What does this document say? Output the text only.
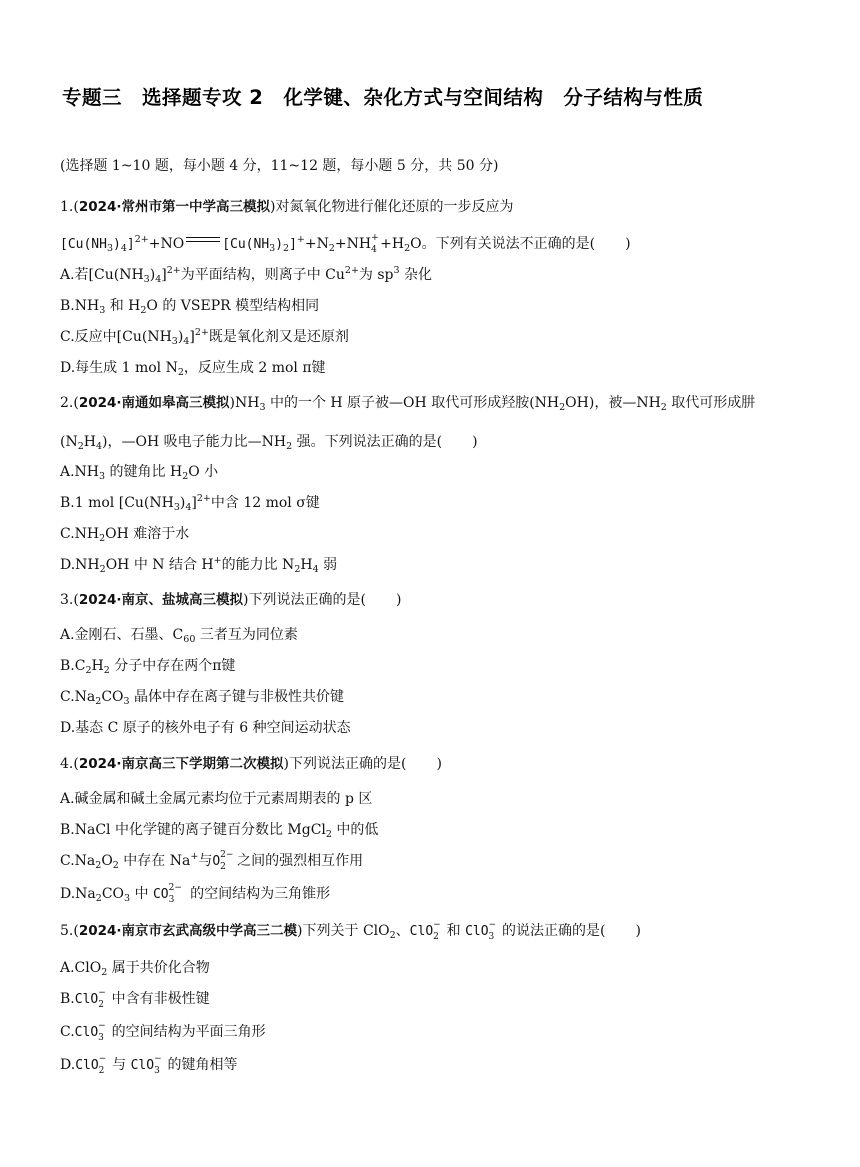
专题三　选择题专攻 2　化学键、杂化方式与空间结构　分子结构与性质
(选择题 1~10 题，每小题 4 分，11~12 题，每小题 5 分，共 50 分)
1.(2024·常州市第一中学高三模拟)对氮氧化物进行催化还原的一步反应为
$[Cu(NH_3)_4]^{2+}+NO$	$[Cu(NH_3)_2]^++N_2+NH$ +
$4 +H_2O$。下列有关说法不正确的是( )
A.若$[Cu(NH_3)_4]^{2+}$为平面结构，则离子中 $Cu^{2+}$为 $sp^3$ 杂化
$B.NH_3$ 和 $H_2O$ 的 VSEPR 模型结构相同
C.反应中$[Cu(NH_3)_4]^{2+}$既是氧化剂又是还原剂
D.每生成 1 mol $N_2$，反应生成 2 mol π键
2.(2024·南通如皋高三模拟)$NH_3$ 中的一个 H 原子被—OH 取代可形成羟胺$(NH_2OH)$，被$—NH_2$ 取代可形成肼
$(N_2H_4)$，—OH 吸电子能力比$—NH_2$ 强。下列说法正确的是( )
$A.NH_3$ 的键角比 $H_2O$ 小
B.1 mol $[Cu(NH_3)_4]^{2+}$中含 12 mol σ键
$C.NH_2OH$ 难溶于水
$D.NH_2OH$ 中 N 结合 H+的能力比 $N_2H_4$ 弱
3.(2024·南京、盐城高三模拟)下列说法正确的是( )
A.金刚石、石墨、$C_{60}$ 三者互为同位素
$B.C_2H_2$ 分子中存在两个π键
$C.Na_2CO_3$ 晶体中存在离子键与非极性共价键
D.基态 C 原子的核外电子有 6 种空间运动状态
4.(2024·南京高三下学期第二次模拟)下列说法正确的是( )
A.碱金属和碱土金属元素均位于元素周期表的 p 区
B.NaCl 中化学键的离子键百分数比 MgCl$_2$ 中的低
$C.Na_2O_2$ 中存在 Na+与O 2−
2 之间的强烈相互作用
$D.Na_2CO_3$ 中 CO 2−
3 的空间结构为三角锥形
5.(2024·南京市玄武高级中学高三二模)下列关于 ClO$_2$、ClO −
2 和 ClO −
3 的说法正确的是( )
A.ClO$_2$ 属于共价化合物
B.ClO −
2 中含有非极性键
C.ClO −
3 的空间结构为平面三角形
D.ClO −
2 与 ClO −
3 的键角相等
